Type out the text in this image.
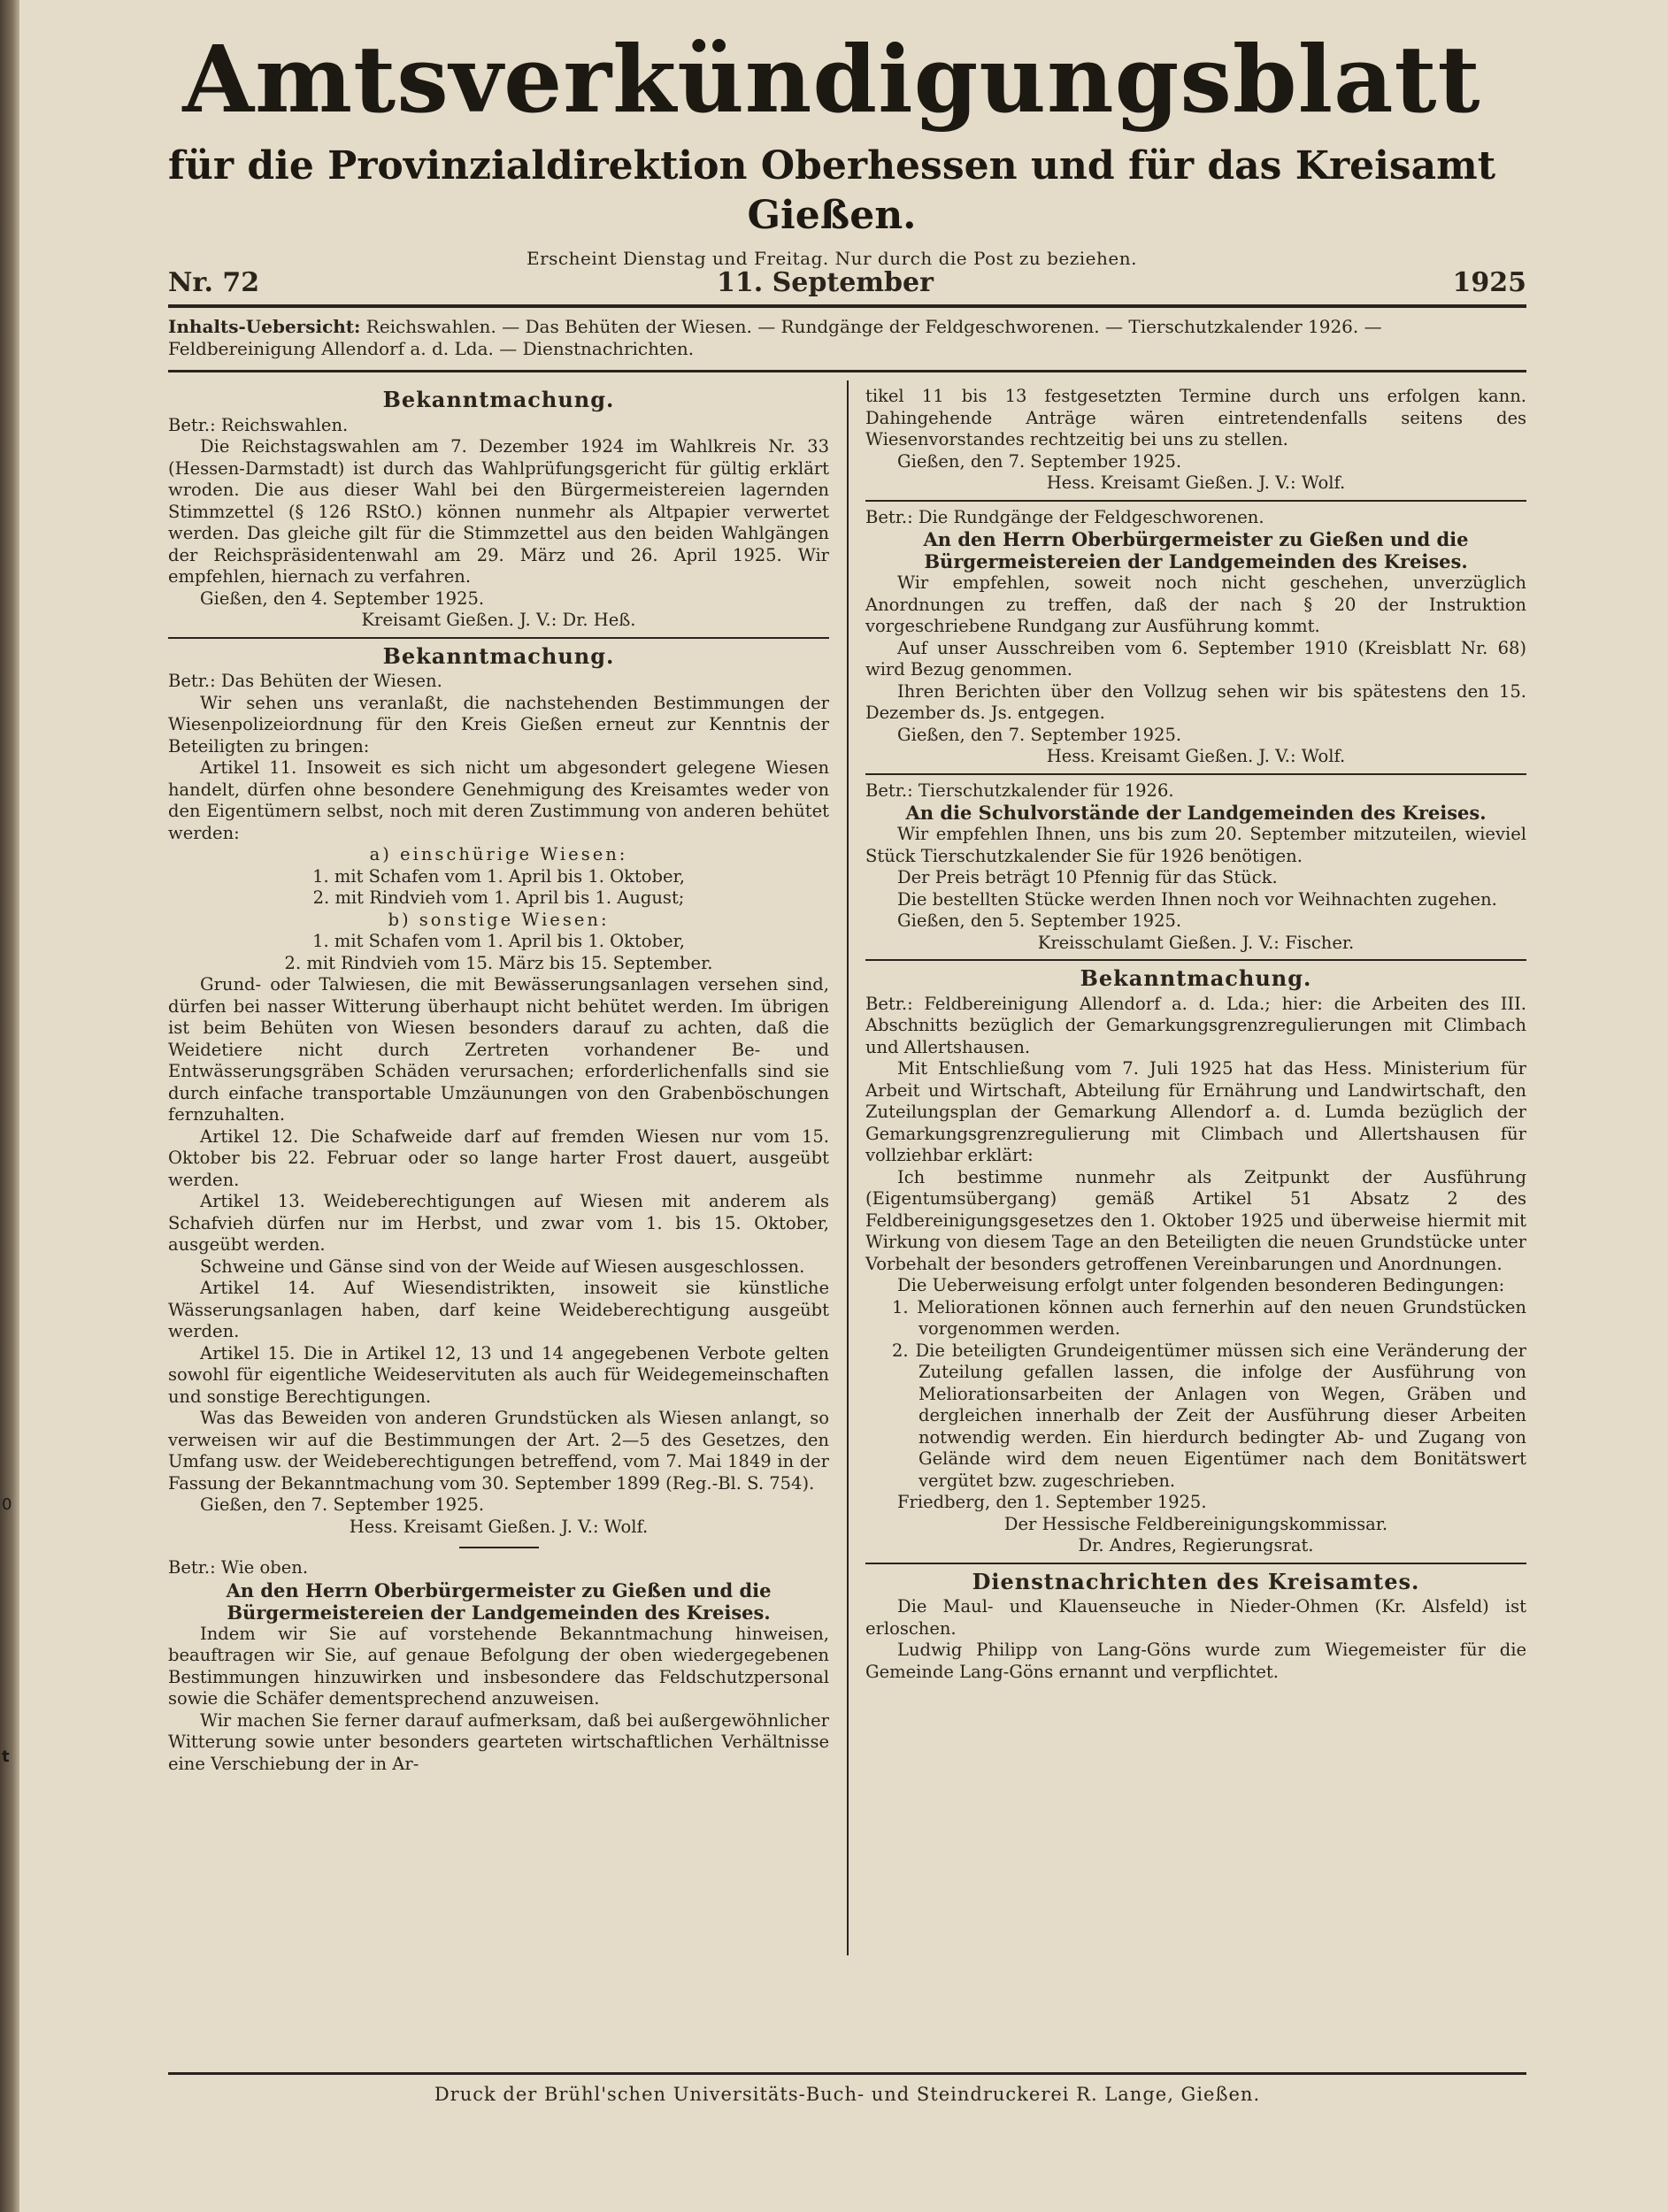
0
t
Amtsverkündigungsblatt
für die Provinzialdirektion Oberhessen und für das Kreisamt Gießen.
Erscheint Dienstag und Freitag. Nur durch die Post zu beziehen.
Nr. 72	11. September	1925
Inhalts-Uebersicht: Reichswahlen. — Das Behüten der Wiesen. — Rundgänge der Feldgeschworenen. — Tierschutzkalender 1926. — Feldbereinigung Allendorf a. d. Lda. — Dienstnachrichten.
Bekanntmachung.

Betr.: Reichswahlen.

Die Reichstagswahlen am 7. Dezember 1924 im Wahlkreis Nr. 33 (Hessen-Darmstadt) ist durch das Wahlprüfungsgericht für gültig erklärt wroden. Die aus dieser Wahl bei den Bürgermeistereien lagernden Stimmzettel (§ 126 RStO.) können nunmehr als Altpapier verwertet werden. Das gleiche gilt für die Stimmzettel aus den beiden Wahlgängen der Reichspräsidentenwahl am 29. März und 26. April 1925. Wir empfehlen, hiernach zu verfahren.

Gießen, den 4. September 1925.

Kreisamt Gießen. J. V.: Dr. Heß.

Bekanntmachung.

Betr.: Das Behüten der Wiesen.

Wir sehen uns veranlaßt, die nachstehenden Bestimmungen der Wiesenpolizeiordnung für den Kreis Gießen erneut zur Kenntnis der Beteiligten zu bringen:

Artikel 11. Insoweit es sich nicht um abgesondert gelegene Wiesen handelt, dürfen ohne besondere Genehmigung des Kreisamtes weder von den Eigentümern selbst, noch mit deren Zustimmung von anderen behütet werden:

a) einschürige Wiesen:

1. mit Schafen vom 1. April bis 1. Oktober,

2. mit Rindvieh vom 1. April bis 1. August;

b) sonstige Wiesen:

1. mit Schafen vom 1. April bis 1. Oktober,

2. mit Rindvieh vom 15. März bis 15. September.

Grund- oder Talwiesen, die mit Bewässerungsanlagen versehen sind, dürfen bei nasser Witterung überhaupt nicht behütet werden. Im übrigen ist beim Behüten von Wiesen besonders darauf zu achten, daß die Weidetiere nicht durch Zertreten vorhandener Be- und Entwässerungsgräben Schäden verursachen; erforderlichenfalls sind sie durch einfache transportable Umzäunungen von den Grabenböschungen fernzuhalten.

Artikel 12. Die Schafweide darf auf fremden Wiesen nur vom 15. Oktober bis 22. Februar oder so lange harter Frost dauert, ausgeübt werden.

Artikel 13. Weideberechtigungen auf Wiesen mit anderem als Schafvieh dürfen nur im Herbst, und zwar vom 1. bis 15. Oktober, ausgeübt werden.

Schweine und Gänse sind von der Weide auf Wiesen ausgeschlossen.

Artikel 14. Auf Wiesendistrikten, insoweit sie künstliche Wässerungsanlagen haben, darf keine Weideberechtigung ausgeübt werden.

Artikel 15. Die in Artikel 12, 13 und 14 angegebenen Verbote gelten sowohl für eigentliche Weideservituten als auch für Weidegemeinschaften und sonstige Berechtigungen.

Was das Beweiden von anderen Grundstücken als Wiesen anlangt, so verweisen wir auf die Bestimmungen der Art. 2—5 des Gesetzes, den Umfang usw. der Weideberechtigungen betreffend, vom 7. Mai 1849 in der Fassung der Bekanntmachung vom 30. September 1899 (Reg.-Bl. S. 754).

Gießen, den 7. September 1925.

Hess. Kreisamt Gießen. J. V.: Wolf.

Betr.: Wie oben.

An den Herrn Oberbürgermeister zu Gießen und die Bürgermeistereien der Landgemeinden des Kreises.

Indem wir Sie auf vorstehende Bekanntmachung hinweisen, beauftragen wir Sie, auf genaue Befolgung der oben wiedergegebenen Bestimmungen hinzuwirken und insbesondere das Feldschutzpersonal sowie die Schäfer dementsprechend anzuweisen.

Wir machen Sie ferner darauf aufmerksam, daß bei außergewöhnlicher Witterung sowie unter besonders gearteten wirtschaftlichen Verhältnisse eine Verschiebung der in Ar-

tikel 11 bis 13 festgesetzten Termine durch uns erfolgen kann. Dahingehende Anträge wären eintretendenfalls seitens des Wiesenvorstandes rechtzeitig bei uns zu stellen.

Gießen, den 7. September 1925.

Hess. Kreisamt Gießen. J. V.: Wolf.

Betr.: Die Rundgänge der Feldgeschworenen.

An den Herrn Oberbürgermeister zu Gießen und die Bürgermeistereien der Landgemeinden des Kreises.

Wir empfehlen, soweit noch nicht geschehen, unverzüglich Anordnungen zu treffen, daß der nach § 20 der Instruktion vorgeschriebene Rundgang zur Ausführung kommt.

Auf unser Ausschreiben vom 6. September 1910 (Kreisblatt Nr. 68) wird Bezug genommen.

Ihren Berichten über den Vollzug sehen wir bis spätestens den 15. Dezember ds. Js. entgegen.

Gießen, den 7. September 1925.

Hess. Kreisamt Gießen. J. V.: Wolf.

Betr.: Tierschutzkalender für 1926.

An die Schulvorstände der Landgemeinden des Kreises.

Wir empfehlen Ihnen, uns bis zum 20. September mitzuteilen, wieviel Stück Tierschutzkalender Sie für 1926 benötigen.

Der Preis beträgt 10 Pfennig für das Stück.

Die bestellten Stücke werden Ihnen noch vor Weihnachten zugehen.

Gießen, den 5. September 1925.

Kreisschulamt Gießen. J. V.: Fischer.

Bekanntmachung.

Betr.: Feldbereinigung Allendorf a. d. Lda.; hier: die Arbeiten des III. Abschnitts bezüglich der Gemarkungsgrenzregulierungen mit Climbach und Allertshausen.

Mit Entschließung vom 7. Juli 1925 hat das Hess. Ministerium für Arbeit und Wirtschaft, Abteilung für Ernährung und Landwirtschaft, den Zuteilungsplan der Gemarkung Allendorf a. d. Lumda bezüglich der Gemarkungsgrenzregulierung mit Climbach und Allertshausen für vollziehbar erklärt:

Ich bestimme nunmehr als Zeitpunkt der Ausführung (Eigentumsübergang) gemäß Artikel 51 Absatz 2 des Feldbereinigungsgesetzes den 1. Oktober 1925 und überweise hiermit mit Wirkung von diesem Tage an den Beteiligten die neuen Grundstücke unter Vorbehalt der besonders getroffenen Vereinbarungen und Anordnungen.

Die Ueberweisung erfolgt unter folgenden besonderen Bedingungen:

1. Meliorationen können auch fernerhin auf den neuen Grundstücken vorgenommen werden.

2. Die beteiligten Grundeigentümer müssen sich eine Veränderung der Zuteilung gefallen lassen, die infolge der Ausführung von Meliorationsarbeiten der Anlagen von Wegen, Gräben und dergleichen innerhalb der Zeit der Ausführung dieser Arbeiten notwendig werden. Ein hierdurch bedingter Ab- und Zugang von Gelände wird dem neuen Eigentümer nach dem Bonitätswert vergütet bzw. zugeschrieben.

Friedberg, den 1. September 1925.

Der Hessische Feldbereinigungskommissar.

Dr. Andres, Regierungsrat.

Dienstnachrichten des Kreisamtes.

Die Maul- und Klauenseuche in Nieder-Ohmen (Kr. Alsfeld) ist erloschen.

Ludwig Philipp von Lang-Göns wurde zum Wiegemeister für die Gemeinde Lang-Göns ernannt und verpflichtet.

Druck der Brühl'schen Universitäts-Buch- und Steindruckerei R. Lange, Gießen.
